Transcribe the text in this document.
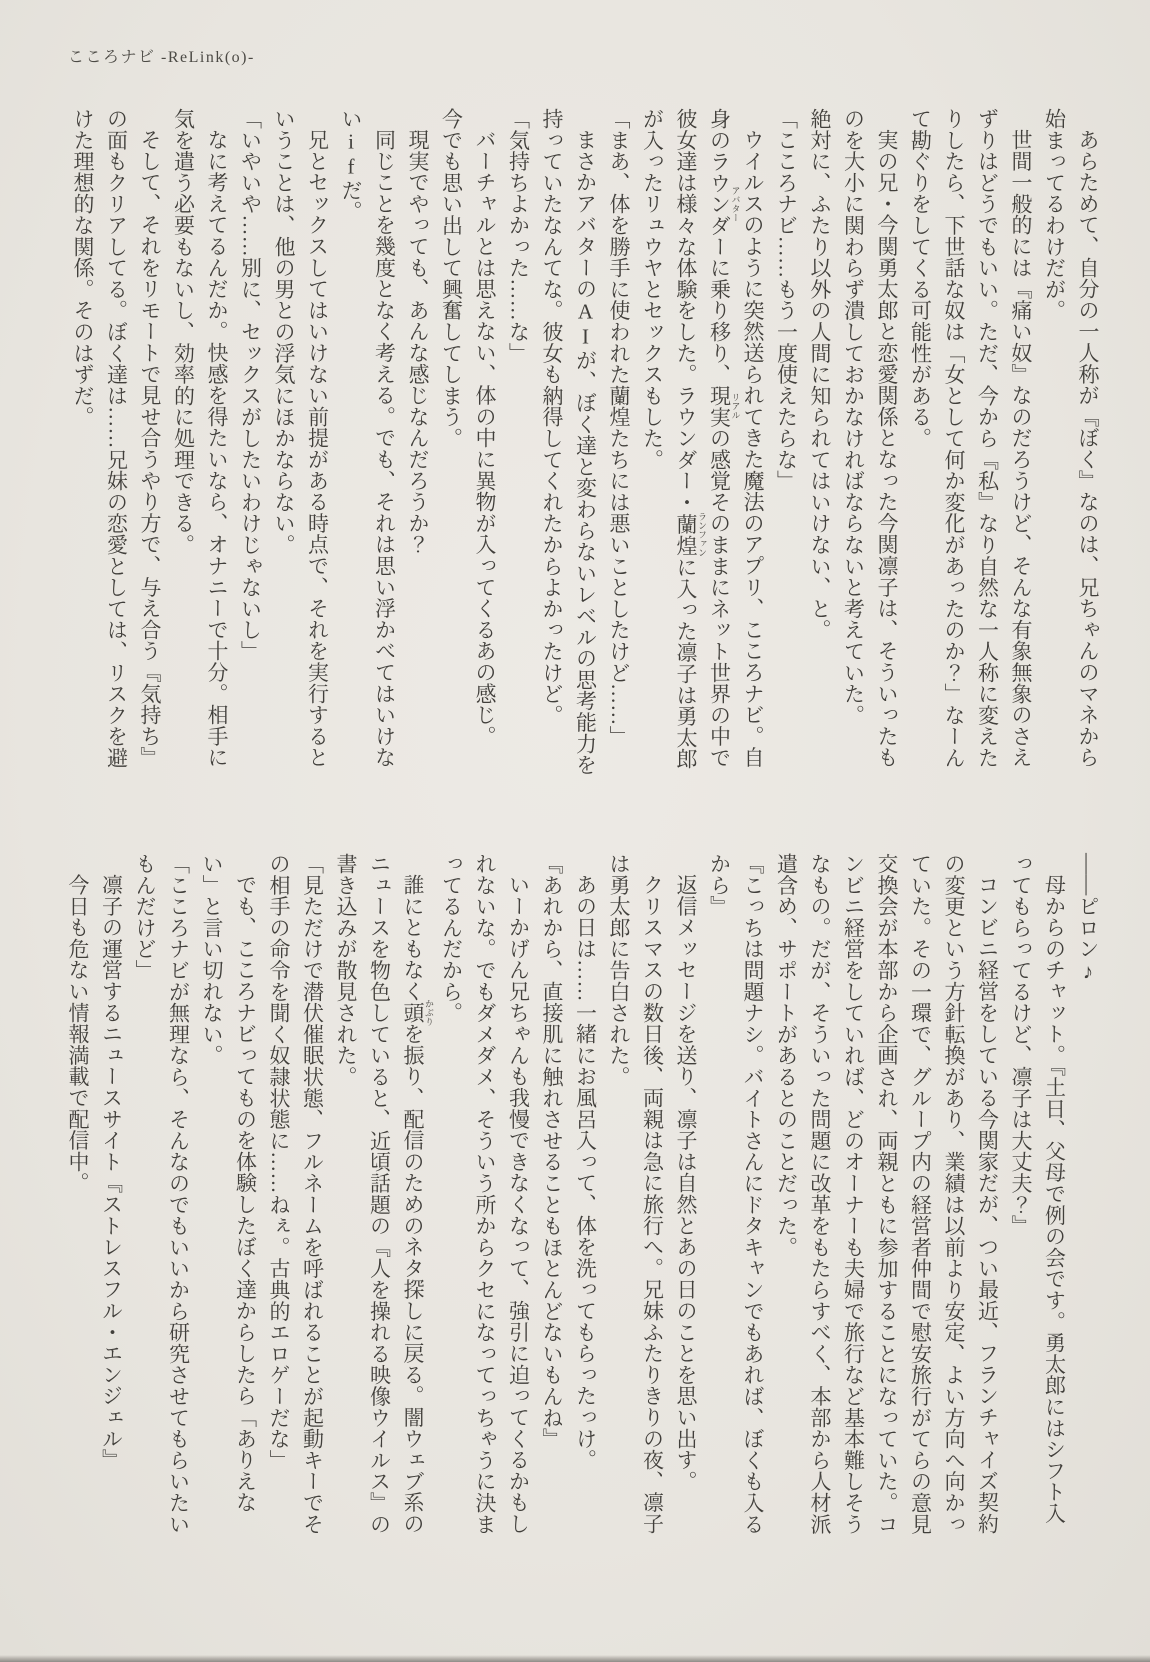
こころナビ -ReLink(o)-

あらためて、自分の一人称が『ぼく』なのは、兄ちゃんのマネから始まってるわけだが。

世間一般的には『痛い奴』なのだろうけど、そんな有象無象のさえずりはどうでもいい。ただ、今から『私』なり自然な一人称に変えたりしたら、下世話な奴は「女として何か変化があったのか？」なーんて勘ぐりをしてくる可能性がある。

実の兄・今関勇太郎と恋愛関係となった今関凛子は、そういったものを大小に関わらず潰しておかなければならないと考えていた。

絶対に、ふたり以外の人間に知られてはいけない、と。

「こころナビ……もう一度使えたらな」

ウイルスのように突然送られてきた魔法のアプリ、こころナビ。自身のラウンダー アバターに乗り移り、現実 リアルの感覚そのままにネット世界の中で彼女達は様々な体験をした。ラウンダー・蘭煌 ランファンに入った凛子は勇太郎が入ったリュウヤとセックスもした。

「まあ、体を勝手に使われた蘭煌たちには悪いことしたけど……」

まさかアバターのAIが、ぼく達と変わらないレベルの思考能力を持っていたなんてな。彼女も納得してくれたからよかったけど。

「気持ちよかった……な」

バーチャルとは思えない、体の中に異物が入ってくるあの感じ。

今でも思い出して興奮してしまう。

現実でやっても、あんな感じなんだろうか？

同じことを幾度となく考える。でも、それは思い浮かべてはいけないifだ。

兄とセックスしてはいけない前提がある時点で、それを実行するということは、他の男との浮気にほかならない。

「いやいや……別に、セックスがしたいわけじゃないし」

なに考えてるんだか。快感を得たいなら、オナニーで十分。相手に気を遣う必要もないし、効率的に処理できる。

そして、それをリモートで見せ合うやり方で、与え合う『気持ち』の面もクリアしてる。ぼく達は……兄妹の恋愛としては、リスクを避けた理想的な関係。そのはずだ。

――ピロン♪

母からのチャット。『土日、父母で例の会です。勇太郎にはシフト入ってもらってるけど、凛子は大丈夫？』

コンビニ経営をしている今関家だが、つい最近、フランチャイズ契約の変更という方針転換があり、業績は以前より安定、よい方向へ向かっていた。その一環で、グループ内の経営者仲間で慰安旅行がてらの意見交換会が本部から企画され、両親ともに参加することになっていた。コンビニ経営をしていれば、どのオーナーも夫婦で旅行など基本難しそうなもの。だが、そういった問題に改革をもたらすべく、本部から人材派遣含め、サポートがあるとのことだった。

『こっちは問題ナシ。バイトさんにドタキャンでもあれば、ぼくも入るから』

返信メッセージを送り、凛子は自然とあの日のことを思い出す。

クリスマスの数日後、両親は急に旅行へ。兄妹ふたりきりの夜、凛子は勇太郎に告白された。

あの日は……一緒にお風呂入って、体を洗ってもらったっけ。

『あれから、直接肌に触れさせることもほとんどないもんね』

いーかげん兄ちゃんも我慢できなくなって、強引に迫ってくるかもしれないな。でもダメダメ、そういう所からクセになってっちゃうに決まってるんだから。

誰にともなく頭 かぶりを振り、配信のためのネタ探しに戻る。闇ウェブ系のニュースを物色していると、近頃話題の『人を操れる映像ウイルス』の書き込みが散見された。

「見ただけで潜伏催眠状態、フルネームを呼ばれることが起動キーでその相手の命令を聞く奴隷状態に……ねぇ。古典的エロゲーだな」

でも、こころナビってものを体験したぼく達からしたら「ありえない」と言い切れない。

「こころナビが無理なら、そんなのでもいいから研究させてもらいたいもんだけど」

凛子の運営するニュースサイト『ストレスフル・エンジェル』

今日も危ない情報満載で配信中。
